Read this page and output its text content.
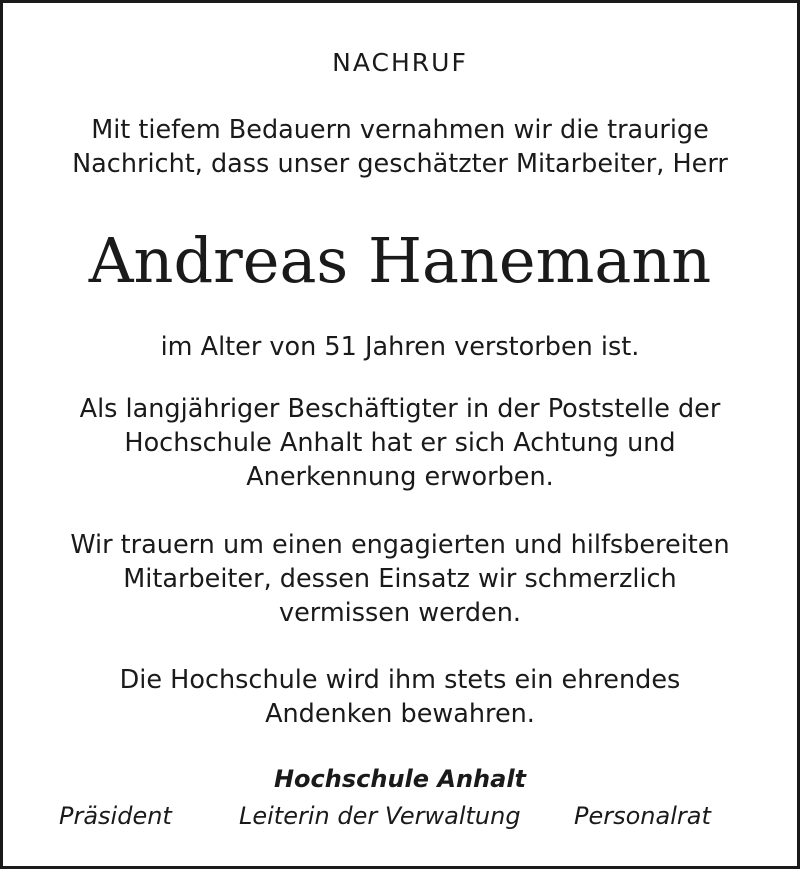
NACHRUF
Mit tiefem Bedauern vernahmen wir die traurige
Nachricht, dass unser geschätzter Mitarbeiter, Herr
Andreas Hanemann
im Alter von 51 Jahren verstorben ist.
Als langjähriger Beschäftigter in der Poststelle der
Hochschule Anhalt hat er sich Achtung und
Anerkennung erworben.
Wir trauern um einen engagierten und hilfsbereiten
Mitarbeiter, dessen Einsatz wir schmerzlich
vermissen werden.
Die Hochschule wird ihm stets ein ehrendes
Andenken bewahren.
Hochschule Anhalt
Präsident	Leiterin der Verwaltung Personalrat
